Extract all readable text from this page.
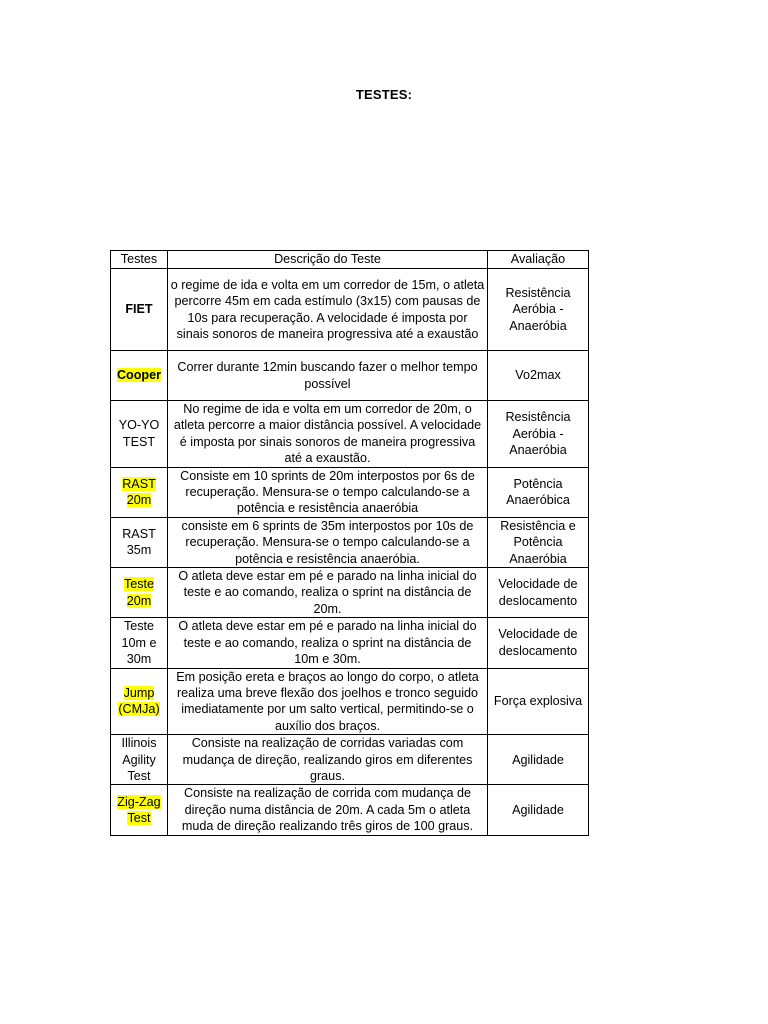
TESTES:
Testes	Descrição do Teste	Avaliação
FIET	o regime de ida e volta em um corredor de 15m, o atleta percorre 45m em cada estímulo (3x15) com pausas de 10s para recuperação. A velocidade é imposta por sinais sonoros de maneira progressiva até a exaustão	Resistência Aeróbia - Anaeróbia
Cooper	Correr durante 12min buscando fazer o melhor tempo possível	Vo2max
YO-YO TEST	No regime de ida e volta em um corredor de 20m, o atleta percorre a maior distância possível. A velocidade é imposta por sinais sonoros de maneira progressiva até a exaustão.	Resistência Aeróbia - Anaeróbia
RAST 20m	Consiste em 10 sprints de 20m interpostos por 6s de recuperação. Mensura-se o tempo calculando-se a potência e resistência anaeróbia	Potência Anaeróbica
RAST 35m	consiste em 6 sprints de 35m interpostos por 10s de recuperação. Mensura-se o tempo calculando-se a potência e resistência anaeróbia.	Resistência e Potência Anaeróbia
Teste 20m	O atleta deve estar em pé e parado na linha inicial do teste e ao comando, realiza o sprint na distância de 20m.	Velocidade de deslocamento
Teste 10m e 30m	O atleta deve estar em pé e parado na linha inicial do teste e ao comando, realiza o sprint na distância de 10m e 30m.	Velocidade de deslocamento
Jump (CMJa)	Em posição ereta e braços ao longo do corpo, o atleta realiza uma breve flexão dos joelhos e tronco seguido imediatamente por um salto vertical, permitindo-se o auxílio dos braços.	Força explosiva
Illinois Agility Test	Consiste na realização de corridas variadas com mudança de direção, realizando giros em diferentes graus.	Agilidade
Zig-Zag Test	Consiste na realização de corrida com mudança de direção numa distância de 20m. A cada 5m o atleta muda de direção realizando três giros de 100 graus.	Agilidade
